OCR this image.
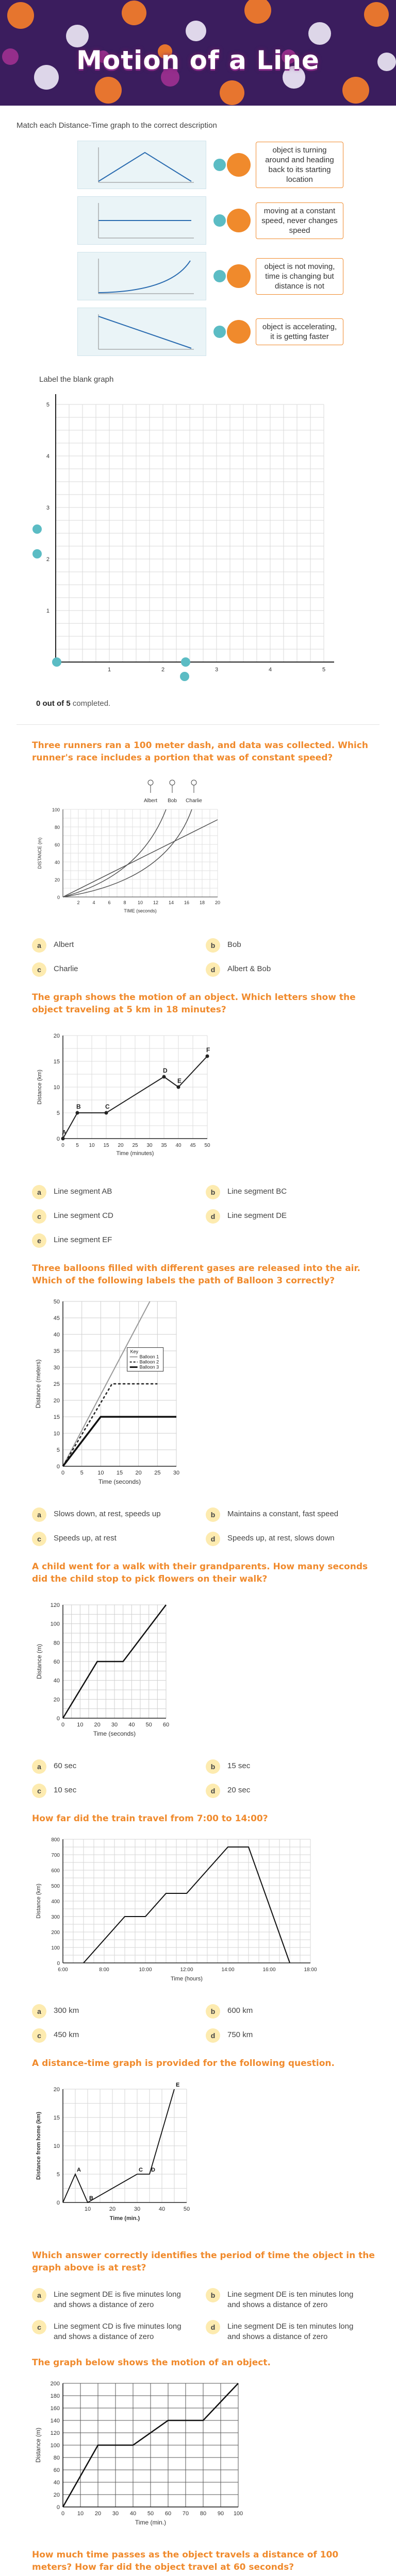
Motion of a Line
Match each Distance-Time graph to the correct description
object is turning around and heading back to its starting location
moving at a constant speed, never changes speed
object is not moving, time is changing but distance is not
object is accelerating, it is getting faster
Label the blank graph
5
4
3
2
1
1	2	3	4	5
0 out of 5 completed.
Three runners ran a 100 meter dash, and data was collected. Which runner's race includes a portion that was of constant speed?
100
80
60
40
20
0
2	4	6	8 10 12 14 16 18 20
DISTANCE (m)
TIME (seconds)
Albert Bob Charlie
a	Albert	b	Bob
c	Charlie	d	Albert & Bob
The graph shows the motion of an object. Which letters show the object traveling at 5 km in 18 minutes?
20
15
10
5
0
0 5 10 15 20 25 30 35 40 45 50
Distance (km)
Time (minutes)
A
B	C
D
E
F
a	Line segment AB	b	Line segment BC
c	Line segment CD	d	Line segment DE
e	Line segment EF
Three balloons filled with different gases are released into the air. Which of the following labels the path of Balloon 3 correctly?
50
45
40
35
30
25
20
15
10
5
0
0	5 10 15 20 25 30
Distance (meters)
Time (seconds)
Key
Balloon 1
Balloon 2
Balloon 3
a	Slows down, at rest, speeds up	b	Maintains a constant, fast speed
c	Speeds up, at rest	d	Speeds up, at rest, slows down
A child went for a walk with their grandparents. How many seconds did the child stop to pick flowers on their walk?
120
100
80
60
40
20
0
0 10 20 30 40 50 60
Distance (m)
Time (seconds)
a	60 sec	b	15 sec
c	10 sec	d	20 sec
How far did the train travel from 7:00 to 14:00?
800
700
600
500
400
300
200
100
0
6:00	8:00	10:00	12:00	14:00	16:00	18:00
Distance (km)
Time (hours)
a	300 km	b	600 km
c	450 km	d	750 km
A distance-time graph is provided for the following question.
20
15
10
5
0
10	20	30	40	50
Distance from home (km)
Time (min.)
A
B
C D
E
Which answer correctly identifies the period of time the object in the graph above is at rest?
a	Line segment DE is five minutes long and shows a distance of zero
b	Line segment DE is ten minutes long and shows a distance of zero
c	Line segment CD is five minutes long and shows a distance of zero
d	Line segment DE is ten minutes long and shows a distance of zero
The graph below shows the motion of an object.
200
180
160
140
120
100
80
60
40
20
0
0 10 20 30 40 50 60 70 80 90 100
Distance (m)
Time (min.)
How much time passes as the object travels a distance of 100 meters? How far did the object travel at 60 seconds?
